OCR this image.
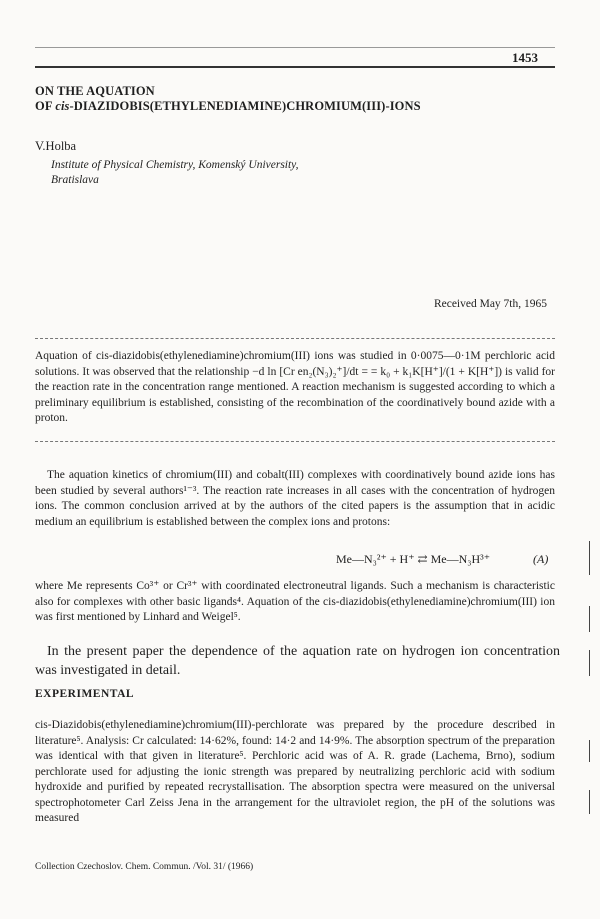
1453
ON THE AQUATION
OF cis-DIAZIDOBIS(ETHYLENEDIAMINE)CHROMIUM(III)-IONS
V.Holba
Institute of Physical Chemistry, Komenský University,
Bratislava
Received May 7th, 1965
Aquation of cis-diazidobis(ethylenediamine)chromium(III) ions was studied in 0·0075—0·1M perchloric acid solutions. It was observed that the relationship −d ln [Cr en₂(N₃)₂⁺]/dt = = k₀ + k₁K[H⁺]/(1 + K[H⁺]) is valid for the reaction rate in the concentration range mentioned. A reaction mechanism is suggested according to which a preliminary equilibrium is established, consisting of the recombination of the coordinatively bound azide with a proton.
The aquation kinetics of chromium(III) and cobalt(III) complexes with coordinatively bound azide ions has been studied by several authors¹⁻³. The reaction rate increases in all cases with the concentration of hydrogen ions. The common conclusion arrived at by the authors of the cited papers is the assumption that in acidic medium an equilibrium is established between the complex ions and protons:
Me—N₃²⁺ + H⁺ ⇄ Me—N₃H³⁺	(A)
where Me represents Co³⁺ or Cr³⁺ with coordinated electroneutral ligands. Such a mechanism is characteristic also for complexes with other basic ligands⁴. Aquation of the cis-diazidobis(ethylenediamine)chromium(III) ion was first mentioned by Linhard and Weigel⁵.
In the present paper the dependence of the aquation rate on hydrogen ion concentration was investigated in detail.
EXPERIMENTAL
cis-Diazidobis(ethylenediamine)chromium(III)-perchlorate was prepared by the procedure described in literature⁵. Analysis: Cr calculated: 14·62%, found: 14·2 and 14·9%. The absorption spectrum of the preparation was identical with that given in literature⁵. Perchloric acid was of A. R. grade (Lachema, Brno), sodium perchlorate used for adjusting the ionic strength was prepared by neutralizing perchloric acid with sodium hydroxide and purified by repeated recrystallisation. The absorption spectra were measured on the universal spectrophotometer Carl Zeiss Jena in the arrangement for the ultraviolet region, the pH of the solutions was measured
Collection Czechoslov. Chem. Commun. /Vol. 31/ (1966)
